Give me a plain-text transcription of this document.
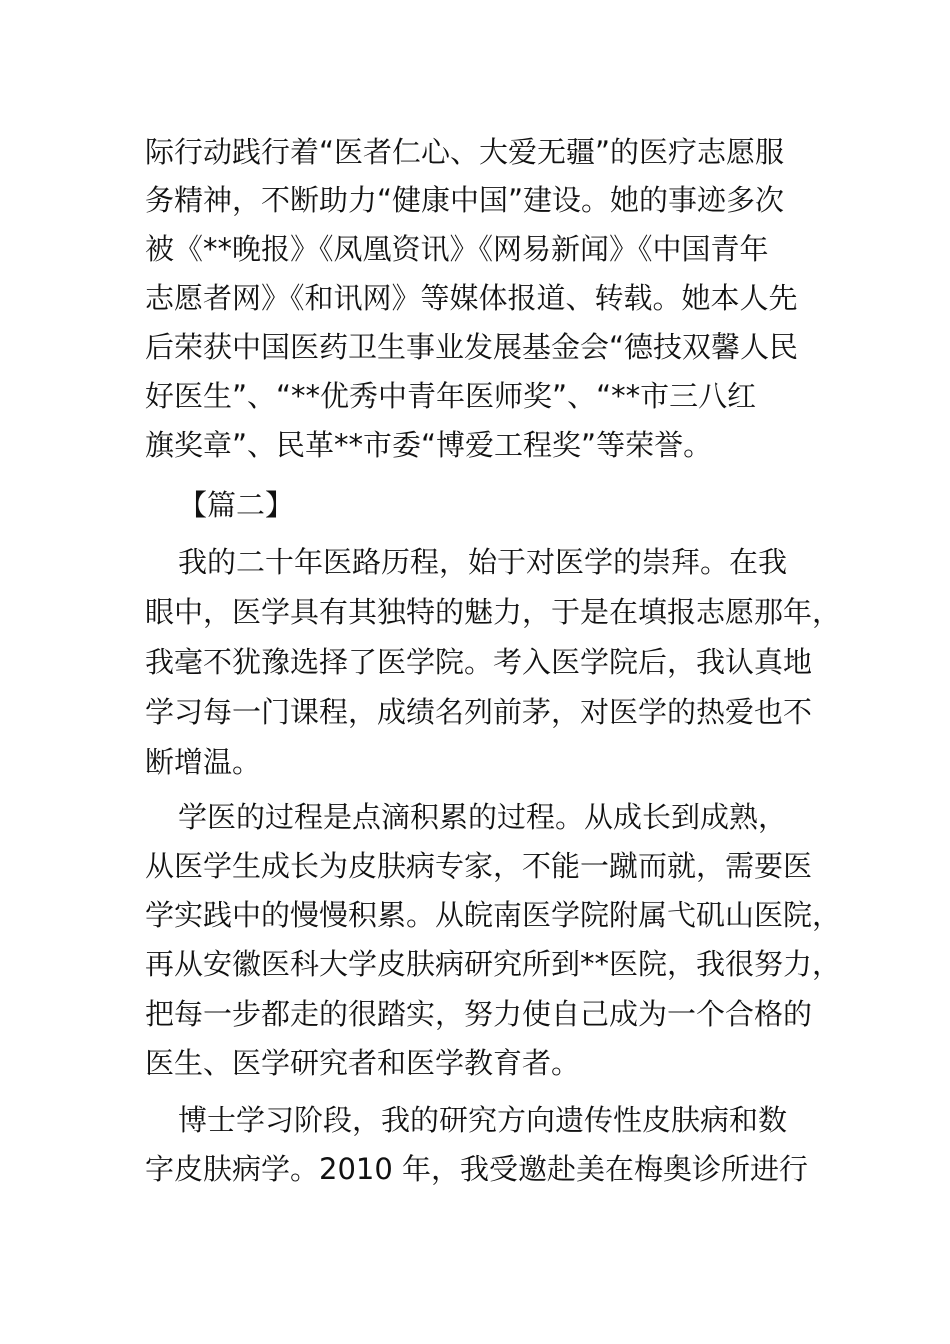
际行动践行着“医者仁心、大爱无疆”的医疗志愿服
务精神，不断助力“健康中国”建设。她的事迹多次
被《**晚报》《凤凰资讯》《网易新闻》《中国青年
志愿者网》《和讯网》等媒体报道、转载。她本人先
后荣获中国医药卫生事业发展基金会“德技双馨人民
好医生”、“**优秀中青年医师奖”、“**市三八红
旗奖章”、民革**市委“博爱工程奖”等荣誉。
【篇二】
我的二十年医路历程，始于对医学的崇拜。在我
眼中，医学具有其独特的魅力，于是在填报志愿那年，
我毫不犹豫选择了医学院。考入医学院后，我认真地
学习每一门课程，成绩名列前茅，对医学的热爱也不
断增温。
学医的过程是点滴积累的过程。从成长到成熟，
从医学生成长为皮肤病专家，不能一蹴而就，需要医
学实践中的慢慢积累。从皖南医学院附属弋矶山医院，
再从安徽医科大学皮肤病研究所到**医院，我很努力，
把每一步都走的很踏实，努力使自己成为一个合格的
医生、医学研究者和医学教育者。
博士学习阶段，我的研究方向遗传性皮肤病和数
字皮肤病学。2010 年，我受邀赴美在梅奥诊所进行
